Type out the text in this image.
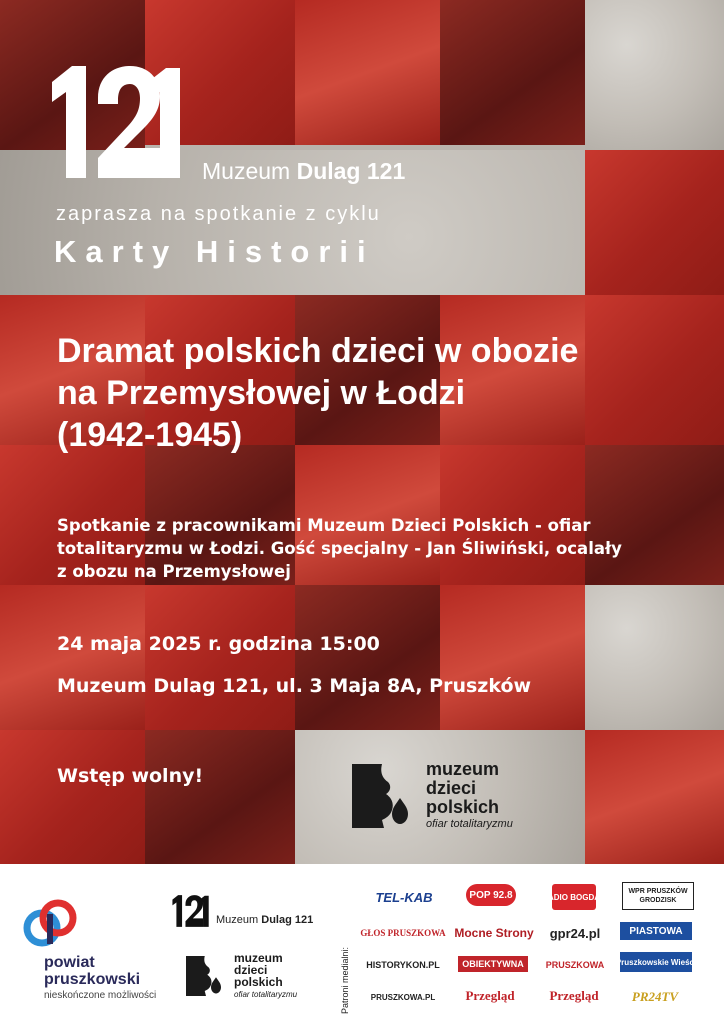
Muzeum Dulag 121
zaprasza na spotkanie z cyklu
Karty Historii
Dramat polskich dzieci w obozie
na Przemysłowej w Łodzi
(1942-1945)
Spotkanie z pracownikami Muzeum Dzieci Polskich - ofiar
totalitaryzmu w Łodzi. Gość specjalny - Jan Śliwiński, ocalały
z obozu na Przemysłowej
24 maja 2025 r. godzina 15:00
Muzeum Dulag 121, ul. 3 Maja 8A, Pruszków
Wstęp wolny!	muzeum
dzieci
polskich
ofiar totalitaryzmu
powiat
pruszkowski
nieskończone możliwości
Muzeum Dulag 121
muzeum
dzieci
polskich
ofiar totalitaryzmu	Patroni medialni:
TEL-KAB	POP 92.8	RADIO BOGDAN
WPR PRUSZKÓW GRODZISK
GŁOS PRUSZKOWA Mocne Strony gpr24.pl	PIASTOWA
HISTORYKON.PL OBIEKTYWNA PRUSZKOWA Pruszkowskie Wieści
PRUSZKOWA.PL Przegląd	Przegląd	PR24TV
